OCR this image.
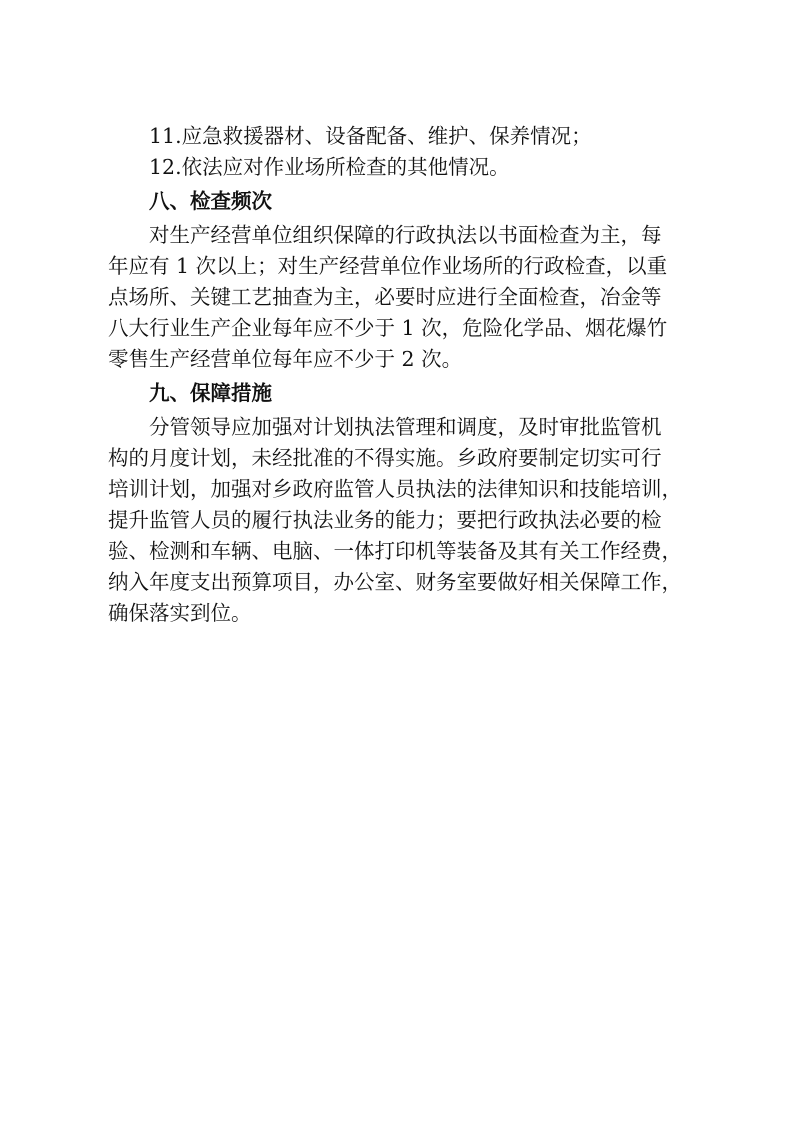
11.应急救援器材、设备配备、维护、保养情况；

12.依法应对作业场所检查的其他情况。

八、检查频次

对生产经营单位组织保障的行政执法以书面检查为主，每

年应有 1 次以上；对生产经营单位作业场所的行政检查，以重

点场所、关键工艺抽查为主，必要时应进行全面检查，冶金等

八大行业生产企业每年应不少于 1 次，危险化学品、烟花爆竹

零售生产经营单位每年应不少于 2 次。

九、保障措施

分管领导应加强对计划执法管理和调度，及时审批监管机

构的月度计划，未经批准的不得实施。乡政府要制定切实可行

培训计划，加强对乡政府监管人员执法的法律知识和技能培训，

提升监管人员的履行执法业务的能力；要把行政执法必要的检

验、检测和车辆、电脑、一体打印机等装备及其有关工作经费，

纳入年度支出预算项目，办公室、财务室要做好相关保障工作，

确保落实到位。
